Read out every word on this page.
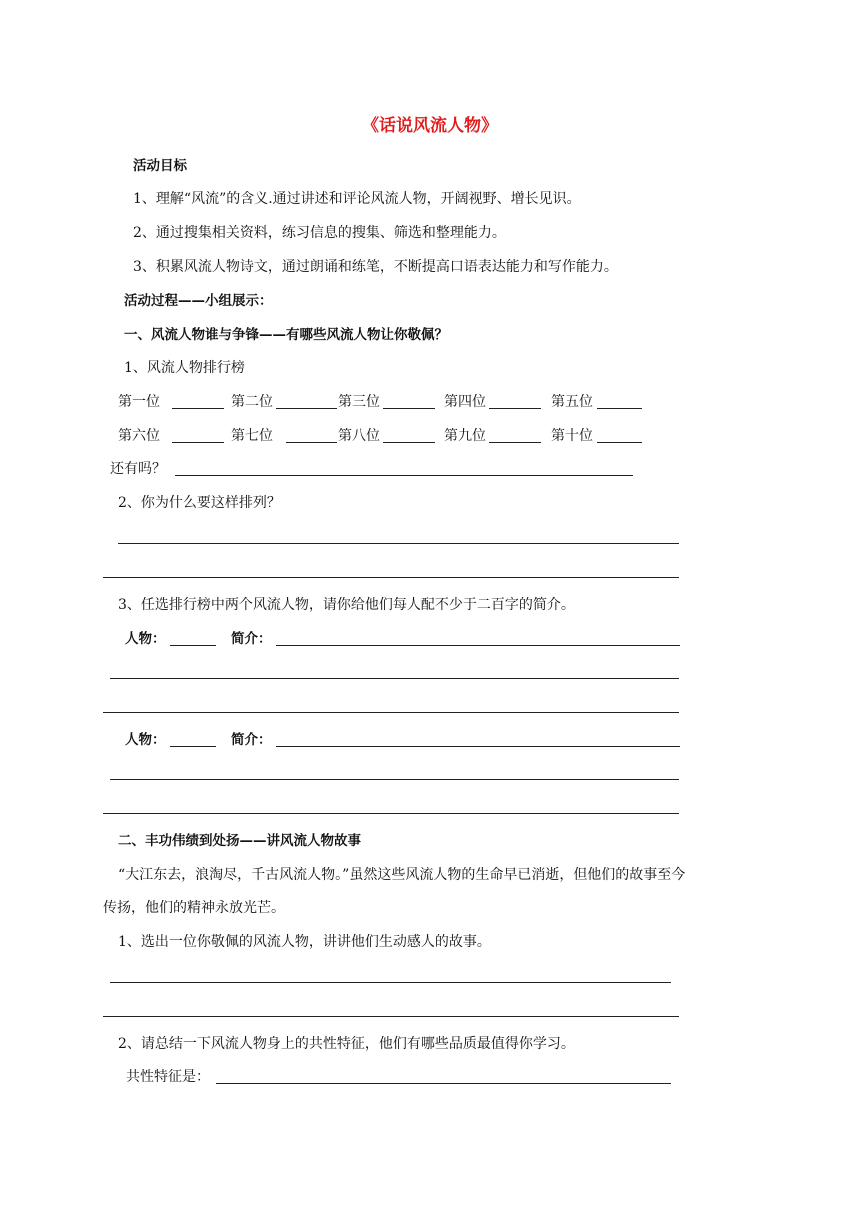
《话说风流人物》
活动目标
1、理解“风流”的含义.通过讲述和评论风流人物，开阔视野、增长见识。
2、通过搜集相关资料，练习信息的搜集、筛选和整理能力。
3、积累风流人物诗文，通过朗诵和练笔，不断提高口语表达能力和写作能力。
活动过程——小组展示：
一、风流人物谁与争锋——有哪些风流人物让你敬佩？
1、风流人物排行榜
第一位	第二位	第三位	第四位	第五位
第六位	第七位	第八位	第九位	第十位
还有吗？
2、你为什么要这样排列？
3、任选排行榜中两个风流人物，请你给他们每人配不少于二百字的简介。
人物：	简介：
人物：	简介：
二、丰功伟绩到处扬——讲风流人物故事
“大江东去，浪淘尽，千古风流人物。”虽然这些风流人物的生命早已消逝，但他们的故事至今
传扬，他们的精神永放光芒。
1、选出一位你敬佩的风流人物，讲讲他们生动感人的故事。
2、请总结一下风流人物身上的共性特征，他们有哪些品质最值得你学习。
共性特征是：
